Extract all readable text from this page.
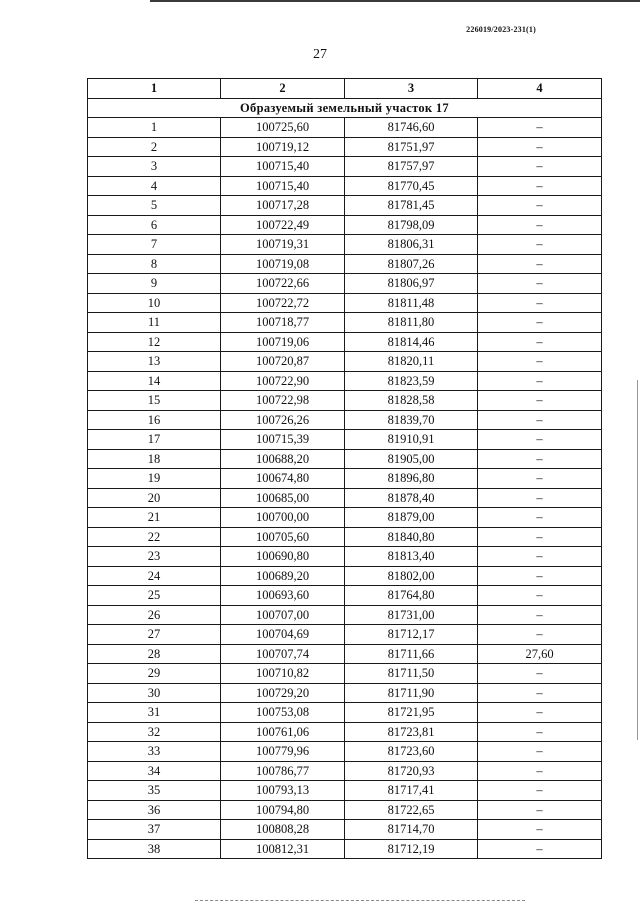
226019/2023-231(1)
27
1	2	3	4
Образуемый земельный участок 17			
1	100725,60	81746,60	–
2	100719,12	81751,97	–
3	100715,40	81757,97	–
4	100715,40	81770,45	–
5	100717,28	81781,45	–
6	100722,49	81798,09	–
7	100719,31	81806,31	–
8	100719,08	81807,26	–
9	100722,66	81806,97	–
10	100722,72	81811,48	–
11	100718,77	81811,80	–
12	100719,06	81814,46	–
13	100720,87	81820,11	–
14	100722,90	81823,59	–
15	100722,98	81828,58	–
16	100726,26	81839,70	–
17	100715,39	81910,91	–
18	100688,20	81905,00	–
19	100674,80	81896,80	–
20	100685,00	81878,40	–
21	100700,00	81879,00	–
22	100705,60	81840,80	–
23	100690,80	81813,40	–
24	100689,20	81802,00	–
25	100693,60	81764,80	–
26	100707,00	81731,00	–
27	100704,69	81712,17	–
28	100707,74	81711,66	27,60
29	100710,82	81711,50	–
30	100729,20	81711,90	–
31	100753,08	81721,95	–
32	100761,06	81723,81	–
33	100779,96	81723,60	–
34	100786,77	81720,93	–
35	100793,13	81717,41	–
36	100794,80	81722,65	–
37	100808,28	81714,70	–
38	100812,31	81712,19	–
